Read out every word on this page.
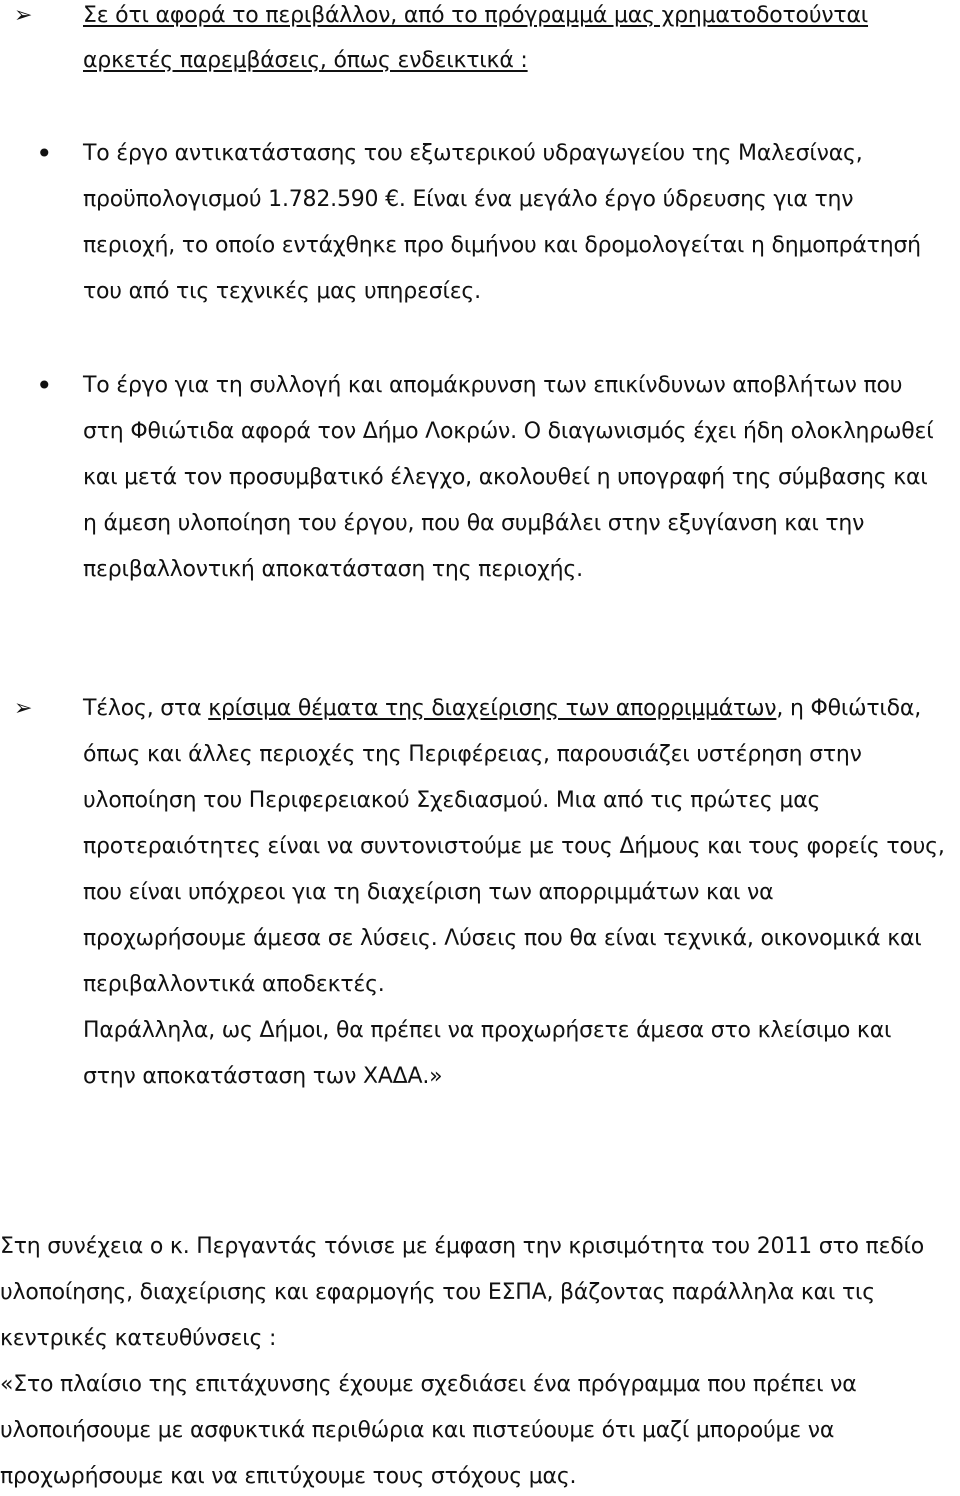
➢ Σε ότι αφορά το περιβάλλον, από το πρόγραμμά μας χρηματοδοτούνται
αρκετές παρεμβάσεις, όπως ενδεικτικά :
• Το έργο αντικατάστασης του εξωτερικού υδραγωγείου της Μαλεσίνας,
προϋπολογισμού 1.782.590 €. Είναι ένα μεγάλο έργο ύδρευσης για την
περιοχή, το οποίο εντάχθηκε προ διμήνου και δρομολογείται η δημοπράτησή
του από τις τεχνικές μας υπηρεσίες.
• Το έργο για τη συλλογή και απομάκρυνση των επικίνδυνων αποβλήτων που
στη Φθιώτιδα αφορά τον Δήμο Λοκρών. Ο διαγωνισμός έχει ήδη ολοκληρωθεί
και μετά τον προσυμβατικό έλεγχο, ακολουθεί η υπογραφή της σύμβασης και
η άμεση υλοποίηση του έργου, που θα συμβάλει στην εξυγίανση και την
περιβαλλοντική αποκατάσταση της περιοχής.
➢ Τέλος, στα κρίσιμα θέματα της διαχείρισης των απορριμμάτων, η Φθιώτιδα,
όπως και άλλες περιοχές της Περιφέρειας, παρουσιάζει υστέρηση στην
υλοποίηση του Περιφερειακού Σχεδιασμού. Μια από τις πρώτες μας
προτεραιότητες είναι να συντονιστούμε με τους Δήμους και τους φορείς τους,
που είναι υπόχρεοι για τη διαχείριση των απορριμμάτων και να
προχωρήσουμε άμεσα σε λύσεις. Λύσεις που θα είναι τεχνικά, οικονομικά και
περιβαλλοντικά αποδεκτές.
Παράλληλα, ως Δήμοι, θα πρέπει να προχωρήσετε άμεσα στο κλείσιμο και
στην αποκατάσταση των ΧΑΔΑ.»
Στη συνέχεια ο κ. Περγαντάς τόνισε με έμφαση την κρισιμότητα του 2011 στο πεδίο
υλοποίησης, διαχείρισης και εφαρμογής του ΕΣΠΑ, βάζοντας παράλληλα και τις
κεντρικές κατευθύνσεις :
«Στο πλαίσιο της επιτάχυνσης έχουμε σχεδιάσει ένα πρόγραμμα που πρέπει να
υλοποιήσουμε με ασφυκτικά περιθώρια και πιστεύουμε ότι μαζί μπορούμε να
προχωρήσουμε και να επιτύχουμε τους στόχους μας.
